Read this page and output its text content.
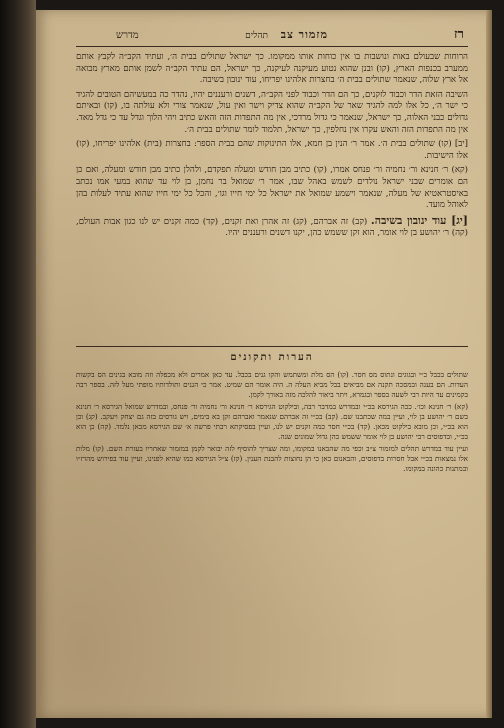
רז
מזמור צב
תהלים
מדרש

הרוחות שבעולם באות ונושבות בו אין כוחות אותו ממקומו. כך ישראל שתולים בבית ה׳, ועתיד הקב״ה לקבץ אותם ממערב בכנפות הארץ, (קו) ובנן שהוא נטוע מעיקנה לעיקנה, כך ישראל, הם עתיד הקב״ה לשמן אותם מארץ מבואה אל ארץ שלוה, שנאמר שתולים בבית ה׳ בחצרות אלהינו יפריחו, עוד ינובון בשיבה.

השיבה הזאת הדר וכבוד לזקנים, כך הם הדר וכבוד לפני הקב״ה, דשנים ורעננים יהיו, נהדר כה במעשיהם הטובים להגיד כי ישר ה׳, כל אלו למה להגיד שאר של הקב״ה שהוא צדיק וישר ואין עול, שנאמר צורי ולא עולתה בו, (קו) ובאיתם גדולים כבני האלוה, כך ישראל, שנאמר כי גדול מרדכי, אין מה התפדות הזה והאש כתיב ויהי הלוך וגדל עד כי גדל מאד. אין מה התפדות הזה והאש עקרו אין נחלפין, כך ישראל, תלמוד לומר שתולים בבית ה׳.

[יב] (קו) שתולים בבית ה׳. אמר ר׳ הנין בן חמא, אלו התינוקות שהם בבית הספר: בחצרות (בית) אלהינו יפריחו, (קו) אלו הישיבות.

(קא) ר׳ חנינא ור׳ נחמיה ור׳ פנחס אמרו, (קו) כתיב מבן חודש ומעלה תפקדם, ולהלן כתיב מבן חודש ומעלה, ואם כן הם אומרים שבני ישראל נולדים לשמש באהל שבו, אמר ר׳ שמואל בר נחמן, בן לוי עד שהוא במעי אמו נכתב באיסטראטיא של מעלה, שנאמר וישמע שמואל את ישראל כל ימי חייו וגו׳, והכל כל ימי חייו שהוא עתיד לעלות בהן לאוהל מועד.

[יג] עוד ינובון בשיבה. (קב) זה אברהם, (קג) זה אהרן ואת זקנים, (קד) כמה זקנים יש לנו כגון אבות העולם, (קה) ר׳ יהושע בן לוי אומר, הוא זקן ששמש כהן, יקנו דשנים ורעננים יהיו.

הערות ותקונים

שתולים בכבל כ״י ובגוגים ונתוס מס חסר. (קו) הס מלת ומשתמש והקו גנים בכבל. עד כאן אמרים ולא מכפלה וזה מובא בגינים הס בקשות העדות. הם בענה ובמסכה תקנה אם מביאים בבל מביא העלה ה. היה אומר הם שמיט. אמר כי הגנים ותולדותיו מופתי מעל לזה. בספר רבה בקמינים עד היות רבי לשעה בספר ובגמרא, ויתר ביאור להלכה מזה באורך לקמן.

(קא) ר׳ חנינא וכו׳. ככה הגירסא בכ״י ובמדרש במדבר רבה, ובילקוט הגירסא ר׳ חנינא ור׳ נחמיה ור׳ פנחס, ובמדרש שמואל הגירסא ר׳ חנינא בשם ר׳ יהושע בן לוי, ועיין במה שכתבנו שם. (קב) בכ״י זה אברהם שנאמר ואברהם זקן בא בימים, ויש גורסים בזה גם יצחק ויעקב. (קג) וכן הוא בכ״י, וכן מובא בילקוט מכאן. (קד) בכ״י חסר כמה זקנים יש לנו, ועיין בפסיקתא רבתי פרשה א׳ שם הגירסא מכאן נלמד. (קה) כן הוא בכ״י, ובדפוסים רבי יהושע בן לוי אומר ששמש כהן גדול שמונים שנה.

ועיין עוד במדרש תהלים למזמור צ״ב וכפי מה שהבאנו במקומו, ומה שצריך להוסיף לזה יבואר לקמן במזמור שאחריו בעזרת השם. (קו) מלות אלו נמצאות בכ״י אבל חסרות בדפוסים, והבאנום כאן כי הן נחוצות להבנת הענין. (קז) צ״ל הגירסא כמו שהיא לפנינו, ועיין עוד בפירוש מהרז״ו ובמתנות כהונה במקומו.
